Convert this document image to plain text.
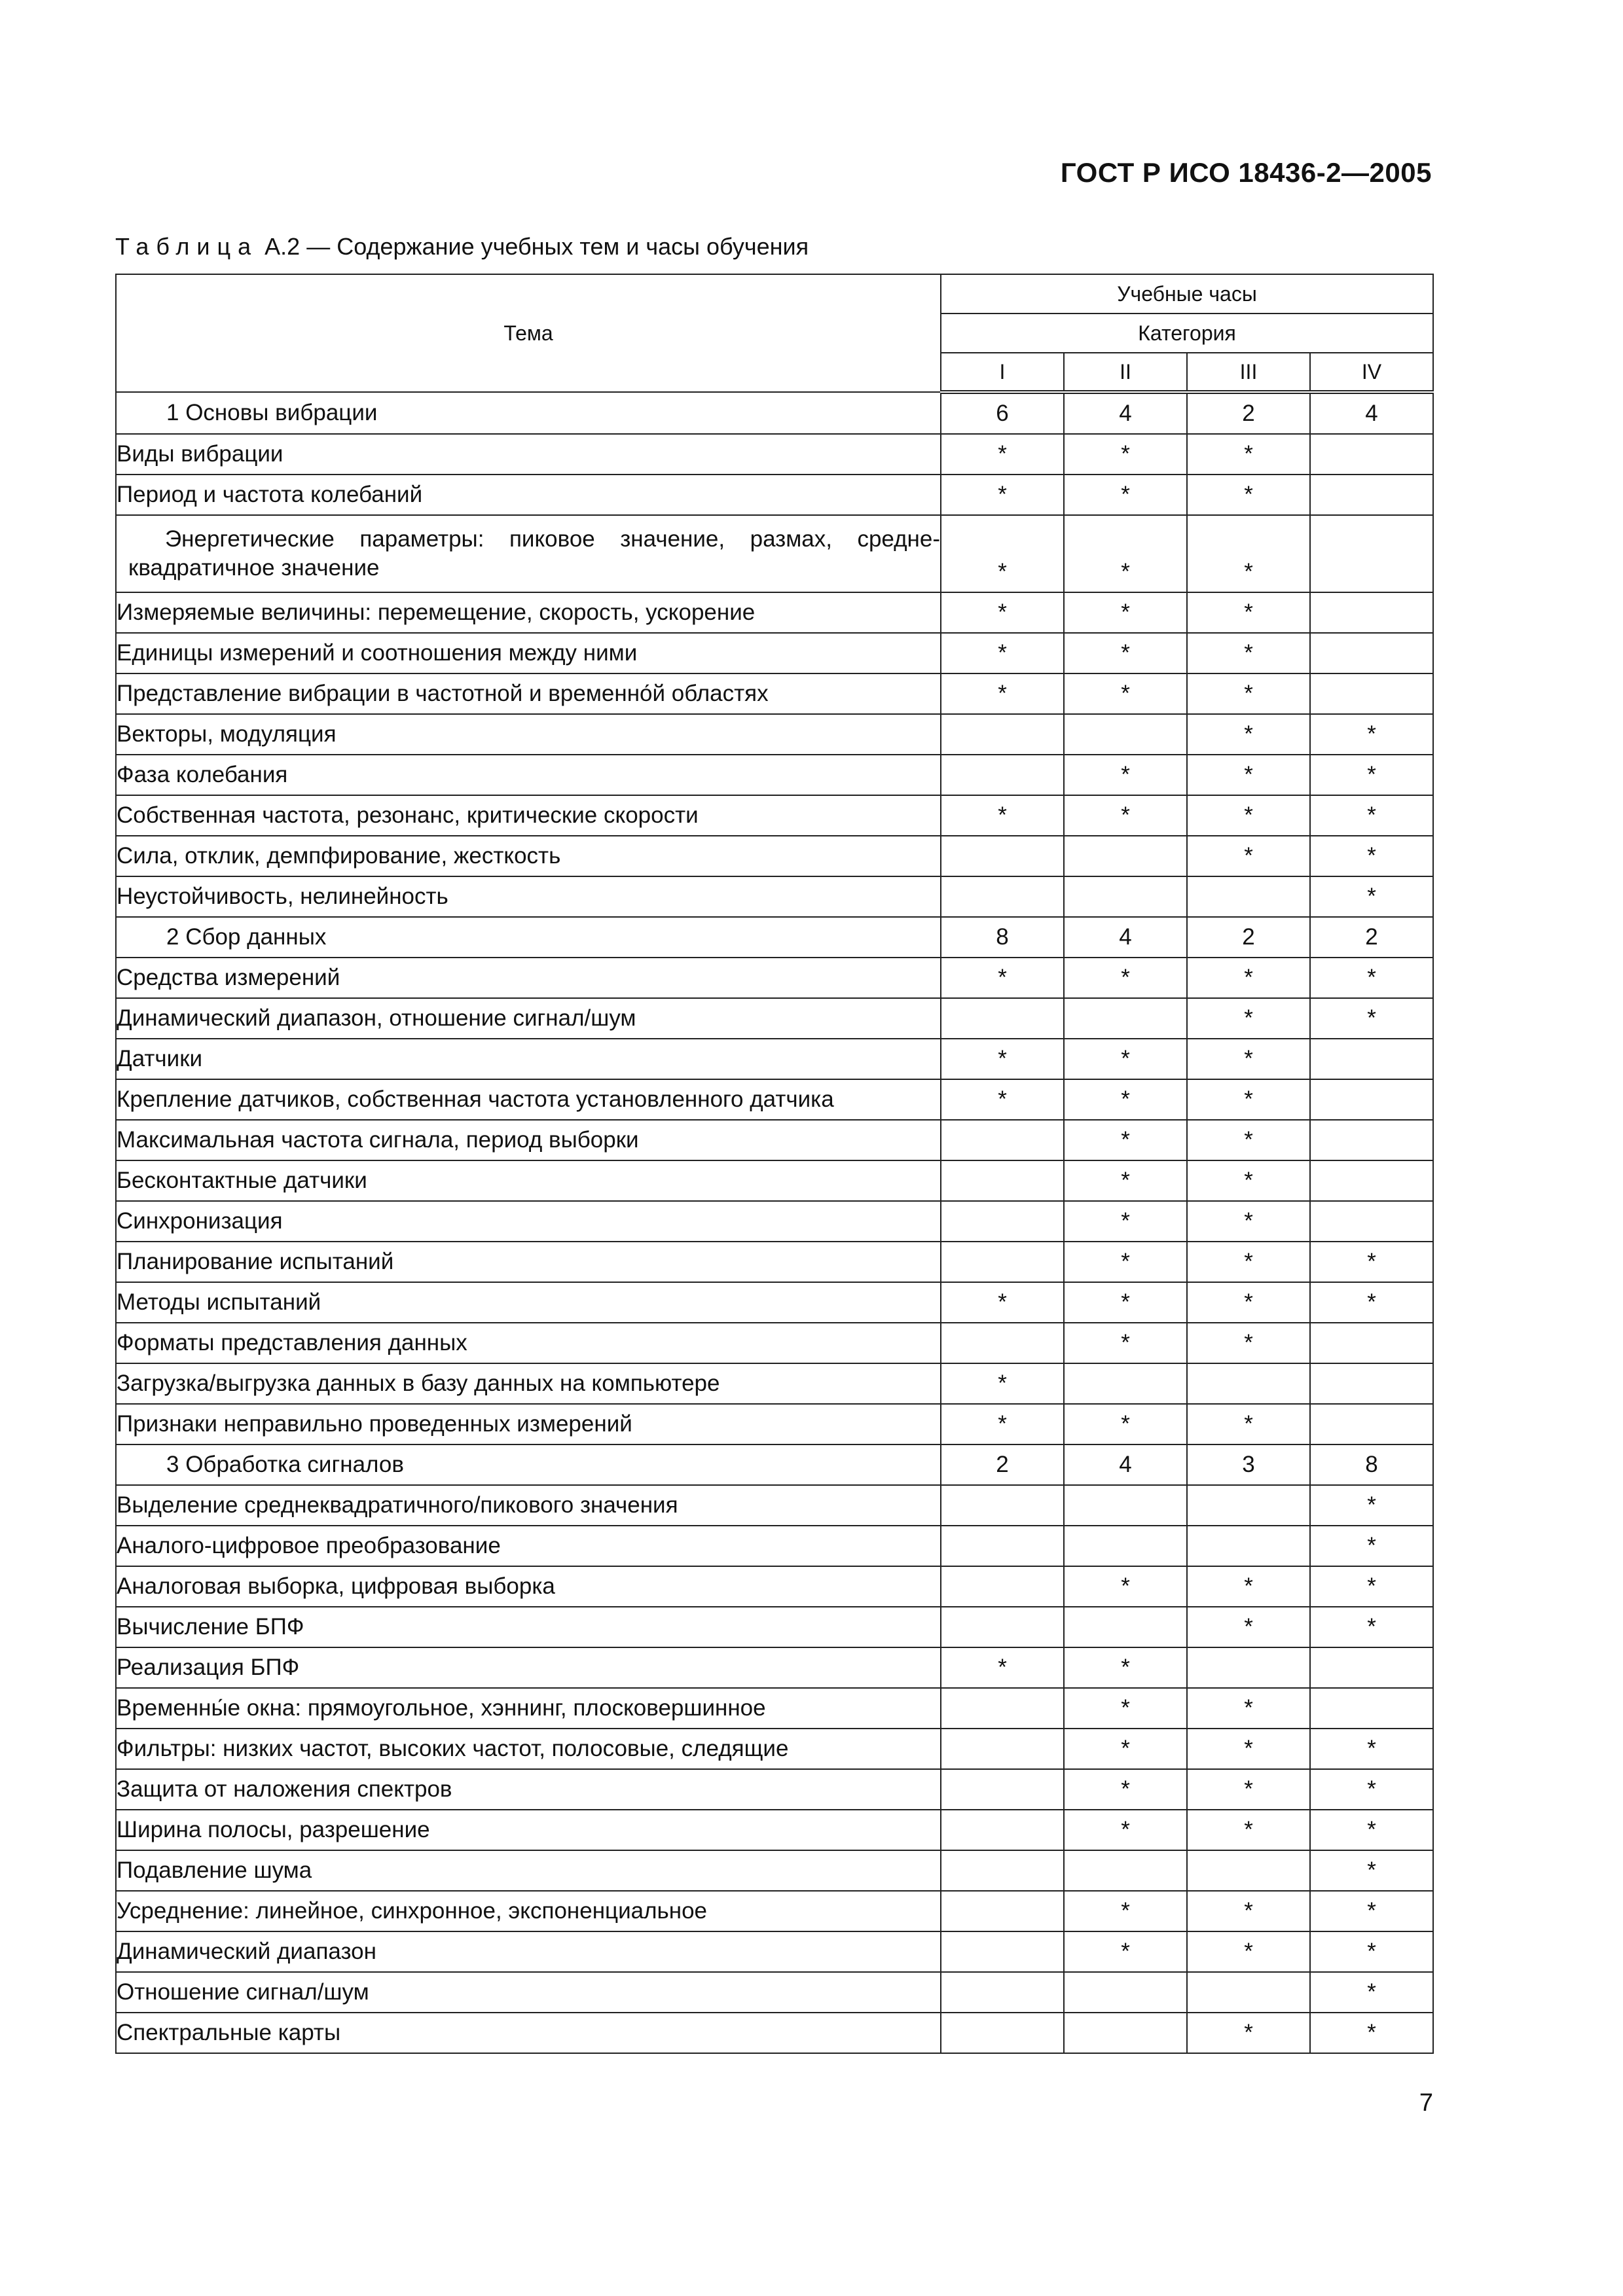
ГОСТ Р ИСО 18436-2—2005
Таблица А.2 — Содержание учебных тем и часы обучения
Тема	Учебные часы			
	Категория			
	I	II	III	IV
1 Основы вибрации	6	4	2	4
Виды вибрации	*	*	*	
Период и частота колебаний	*	*	*	
Энергетические параметры: пиковое значение, размах, средне-квадратичное значение	*	*	*	
Измеряемые величины: перемещение, скорость, ускорение	*	*	*	
Единицы измерений и соотношения между ними	*	*	*	
Представление вибрации в частотной и временно́й областях	*	*	*	
Векторы, модуляция			*	*
Фаза колебания		*	*	*
Собственная частота, резонанс, критические скорости	*	*	*	*
Сила, отклик, демпфирование, жесткость			*	*
Неустойчивость, нелинейность				*
2 Сбор данных	8	4	2	2
Средства измерений	*	*	*	*
Динамический диапазон, отношение сигнал/шум			*	*
Датчики	*	*	*	
Крепление датчиков, собственная частота установленного датчика	*	*	*	
Максимальная частота сигнала, период выборки		*	*	
Бесконтактные датчики		*	*	
Синхронизация		*	*	
Планирование испытаний		*	*	*
Методы испытаний	*	*	*	*
Форматы представления данных		*	*	
Загрузка/выгрузка данных в базу данных на компьютере	*			
Признаки неправильно проведенных измерений	*	*	*	
3 Обработка сигналов	2	4	3	8
Выделение среднеквадратичного/пикового значения				*
Аналого-цифровое преобразование				*
Аналоговая выборка, цифровая выборка		*	*	*
Вычисление БПФ			*	*
Реализация БПФ	*	*		
Временны́е окна: прямоугольное, хэннинг, плосковершинное		*	*	
Фильтры: низких частот, высоких частот, полосовые, следящие		*	*	*
Защита от наложения спектров		*	*	*
Ширина полосы, разрешение		*	*	*
Подавление шума				*
Усреднение: линейное, синхронное, экспоненциальное		*	*	*
Динамический диапазон		*	*	*
Отношение сигнал/шум				*
Спектральные карты			*	*
7
